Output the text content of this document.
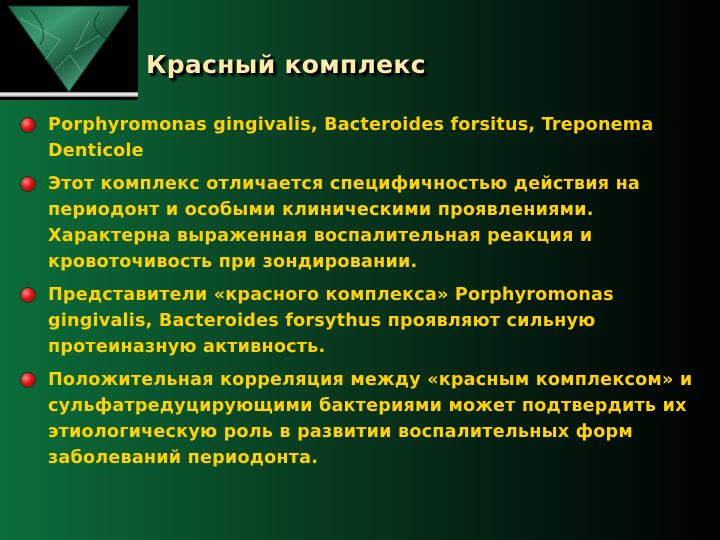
Красный комплекс
Porphyromonas gingivalis, Bacteroides forsitus, Treponema Denticole
Этот комплекс отличается специфичностью действия на периодонт и особыми клиническими проявлениями. Характерна выраженная воспалительная реакция и кровоточивость при зондировании.
Представители «красного комплекса» Porphyromonas gingivalis, Bacteroides forsythus проявляют сильную протеиназную активность.
Положительная корреляция между «красным комплексом» и сульфатредуцирующими бактериями может подтвердить их этиологическую роль в развитии воспалительных форм заболеваний периодонта.
